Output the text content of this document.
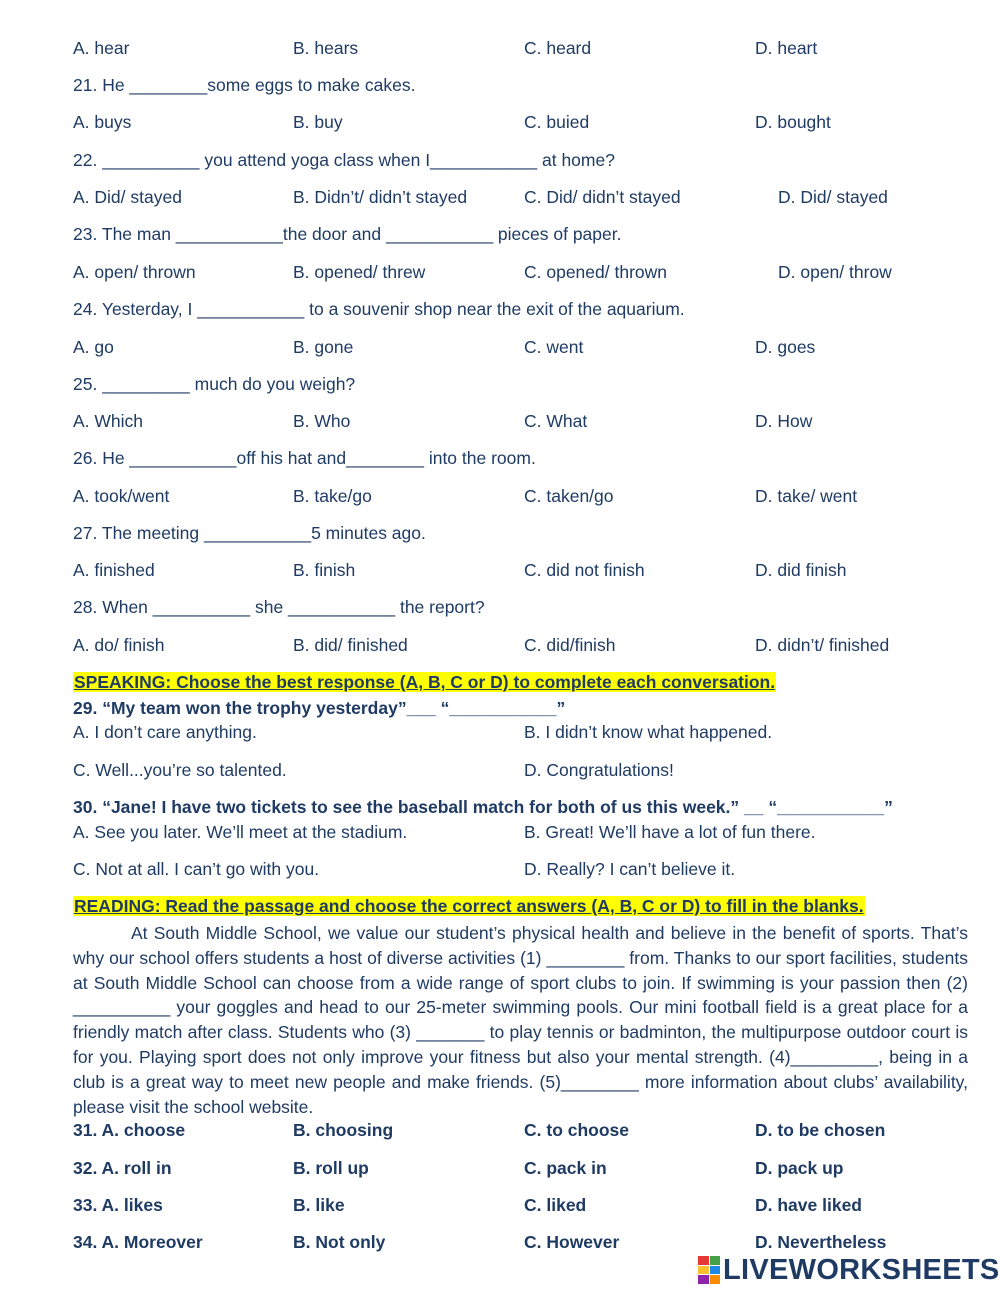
A. hear	B. hears	C. heard	D. heart
21. He ________some eggs to make cakes.
A. buys	B. buy	C. buied	D. bought
22. __________ you attend yoga class when I___________ at home?
A. Did/ stayed	B. Didn’t/ didn’t stayed	C. Did/ didn’t stayed	D. Did/ stayed
23. The man ___________the door and ___________ pieces of paper.
A. open/ thrown	B. opened/ threw	C. opened/ thrown	D. open/ throw
24. Yesterday, I ___________ to a souvenir shop near the exit of the aquarium.
A. go	B. gone	C. went	D. goes
25. _________ much do you weigh?
A. Which	B. Who	C. What	D. How
26. He ___________off his hat and________ into the room.
A. took/went	B. take/go	C. taken/go	D. take/ went
27. The meeting ___________5 minutes ago.
A. finished	B. finish	C. did not finish	D. did finish
28. When __________ she ___________ the report?
A. do/ finish	B. did/ finished	C. did/finish	D. didn’t/ finished
SPEAKING: Choose the best response (A, B, C or D) to complete each conversation.
29. “My team won the trophy yesterday”___ “___________”
A. I don’t care anything.	B. I didn’t know what happened.
C. Well...you’re so talented.	D. Congratulations!
30. “Jane! I have two tickets to see the baseball match for both of us this week.” __ “___________”
A. See you later. We’ll meet at the stadium.	B. Great! We’ll have a lot of fun there.
C. Not at all. I can’t go with you.	D. Really? I can’t believe it.
READING: Read the passage and choose the correct answers (A, B, C or D) to fill in the blanks.

At South Middle School, we value our student’s physical health and believe in the benefit of sports. That’s why our school offers students a host of diverse activities (1) ________ from. Thanks to our sport facilities, students at South Middle School can choose from a wide range of sport clubs to join. If swimming is your passion then (2) __________ your goggles and head to our 25-meter swimming pools. Our mini football field is a great place for a friendly match after class. Students who (3) _______ to play tennis or badminton, the multipurpose outdoor court is for you. Playing sport does not only improve your fitness but also your mental strength. (4)_________, being in a club is a great way to meet new people and make friends. (5)________ more information about clubs’ availability, please visit the school website.

31. A. choose	B. choosing	C. to choose	D. to be chosen
32. A. roll in	B. roll up	C. pack in	D. pack up
33. A. likes	B. like	C. liked	D. have liked
34. A. Moreover	B. Not only	C. However	D. Nevertheless
LIVEWORKSHEETS
